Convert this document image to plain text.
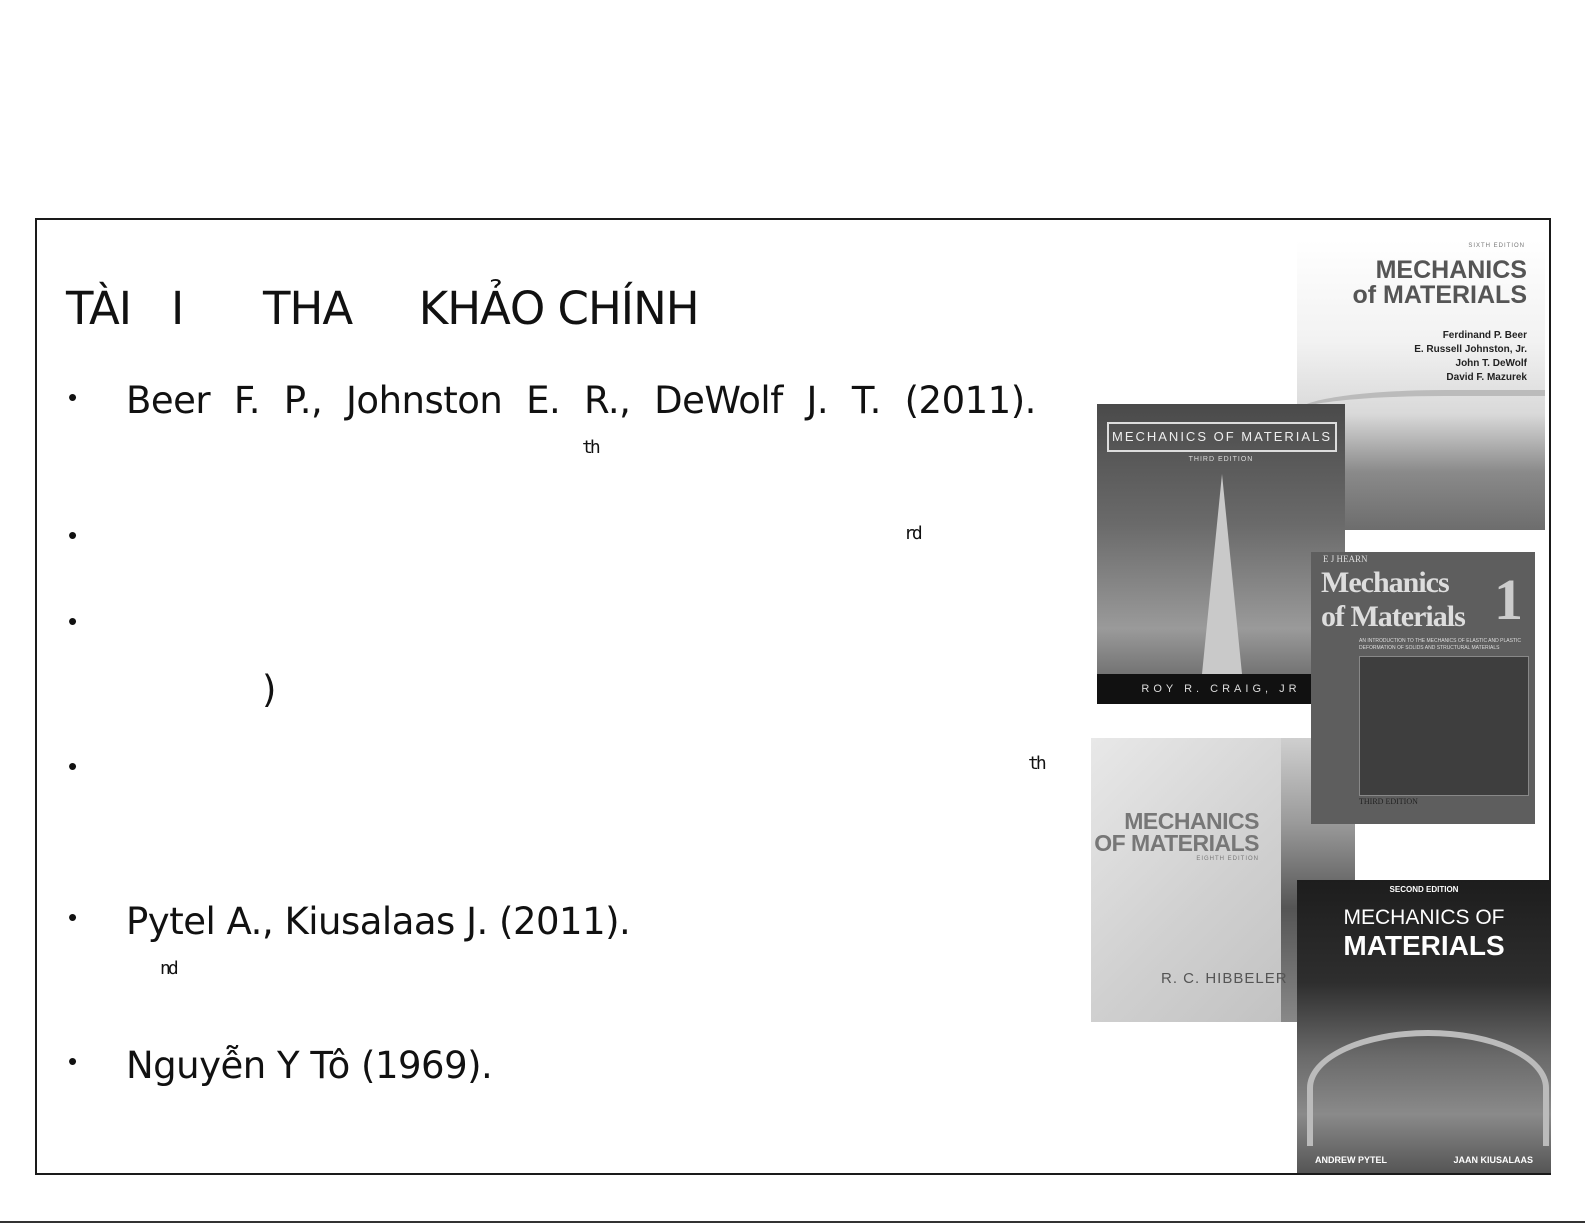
TÀI   I      THA     KHẢO CHÍNH
• Beer F. P., Johnston E. R., DeWolf J. T. (2011).
th
•	rd
•
)
•	th
• Pytel A., Kiusalaas J. (2011).
nd
• Nguyễn Y Tô (1969).
SIXTH EDITION
MECHANICS
of MATERIALS
Ferdinand P. Beer
E. Russell Johnston, Jr.
John T. DeWolf
David F. Mazurek
MECHANICS OF MATERIALS
THIRD EDITION
ROY R. CRAIG, JR
MECHANICS
OF MATERIALS
EIGHTH EDITION
R. C. HIBBELER
E J HEARN
Mechanics
of Materials 1
AN INTRODUCTION TO THE MECHANICS OF ELASTIC AND PLASTIC DEFORMATION OF SOLIDS AND STRUCTURAL MATERIALS
THIRD EDITION
SECOND EDITION
MECHANICS OF
MATERIALS
ANDREW PYTEL	JAAN KIUSALAAS
